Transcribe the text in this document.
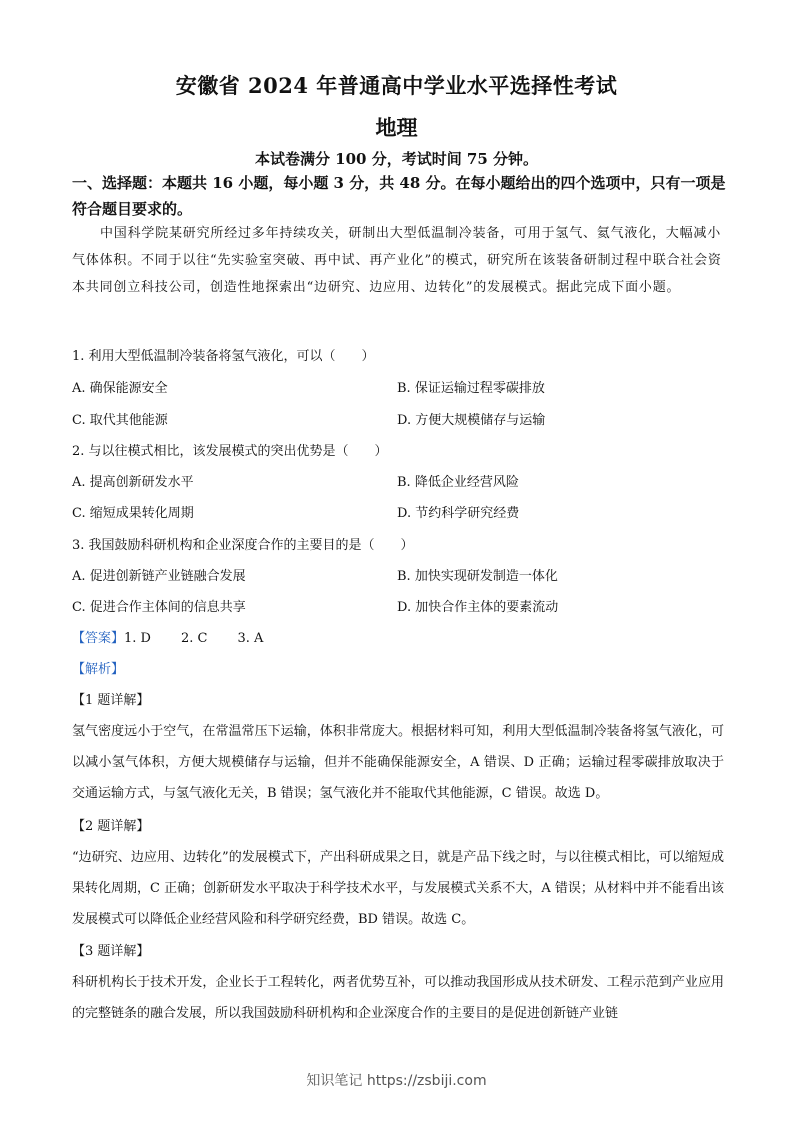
安徽省 2024 年普通高中学业水平选择性考试
地理
本试卷满分 100 分，考试时间 75 分钟。
一、选择题：本题共 16 小题，每小题 3 分，共 48 分。在每小题给出的四个选项中，只有一项是符合题目要求的。
中国科学院某研究所经过多年持续攻关，研制出大型低温制冷装备，可用于氢气、氦气液化，大幅减小气体体积。不同于以往“先实验室突破、再中试、再产业化”的模式，研究所在该装备研制过程中联合社会资本共同创立科技公司，创造性地探索出“边研究、边应用、边转化”的发展模式。据此完成下面小题。
1. 利用大型低温制冷装备将氢气液化，可以（　　）
A. 确保能源安全	B. 保证运输过程零碳排放
C. 取代其他能源	D. 方便大规模储存与运输
2. 与以往模式相比，该发展模式的突出优势是（　　）
A. 提高创新研发水平	B. 降低企业经营风险
C. 缩短成果转化周期	D. 节约科学研究经费
3. 我国鼓励科研机构和企业深度合作的主要目的是（　　）
A. 促进创新链产业链融合发展	B. 加快实现研发制造一体化
C. 促进合作主体间的信息共享	D. 加快合作主体的要素流动
【答案】1. D 2. C 3. A
【解析】
【1 题详解】
氢气密度远小于空气，在常温常压下运输，体积非常庞大。根据材料可知，利用大型低温制冷装备将氢气液化，可以减小氢气体积，方便大规模储存与运输，但并不能确保能源安全，A 错误、D 正确；运输过程零碳排放取决于交通运输方式，与氢气液化无关，B 错误；氢气液化并不能取代其他能源，C 错误。故选 D。
【2 题详解】
“边研究、边应用、边转化”的发展模式下，产出科研成果之日，就是产品下线之时，与以往模式相比，可以缩短成果转化周期，C 正确；创新研发水平取决于科学技术水平，与发展模式关系不大，A 错误；从材料中并不能看出该发展模式可以降低企业经营风险和科学研究经费，BD 错误。故选 C。
【3 题详解】
科研机构长于技术开发，企业长于工程转化，两者优势互补，可以推动我国形成从技术研发、工程示范到产业应用的完整链条的融合发展，所以我国鼓励科研机构和企业深度合作的主要目的是促进创新链产业链
知识笔记 https://zsbiji.com
